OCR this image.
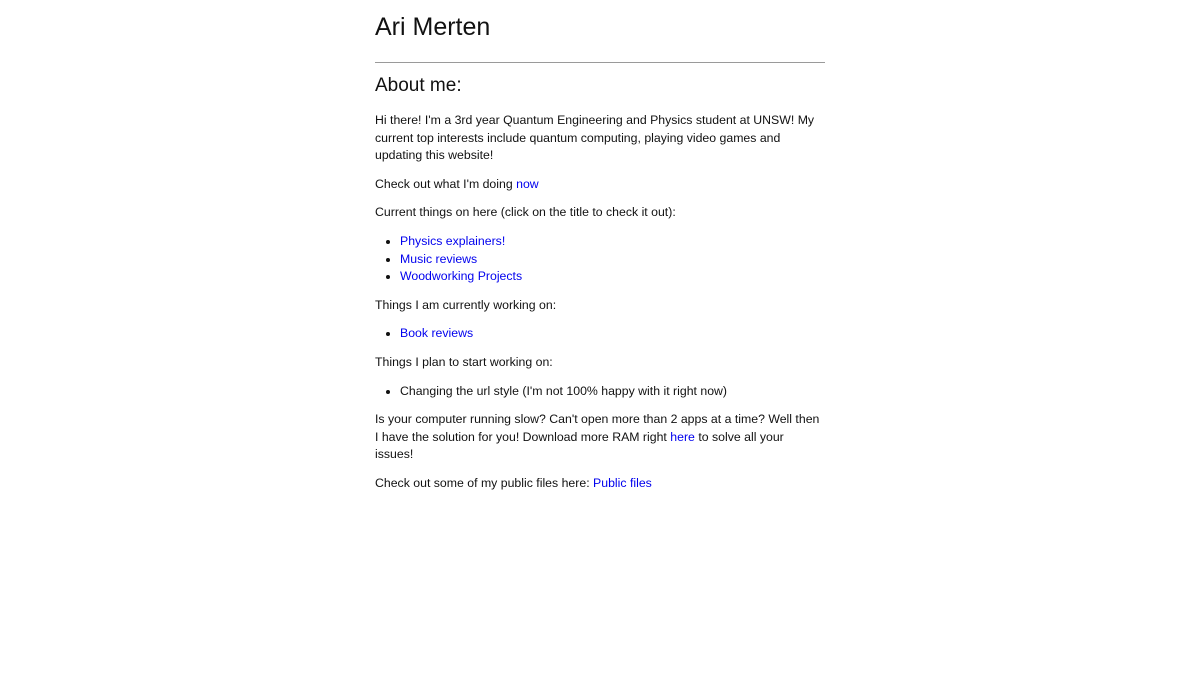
Ari Merten
About me:

Hi there! I'm a 3rd year Quantum Engineering and Physics student at UNSW! My current top interests include quantum computing, playing video games and updating this website!

Check out what I'm doing now

Current things on here (click on the title to check it out):

• Physics explainers!
• Music reviews
• Woodworking Projects

Things I am currently working on:

• Book reviews

Things I plan to start working on:

• Changing the url style (I'm not 100% happy with it right now)

Is your computer running slow? Can't open more than 2 apps at a time? Well then I have the solution for you! Download more RAM right here to solve all your issues!

Check out some of my public files here: Public files
